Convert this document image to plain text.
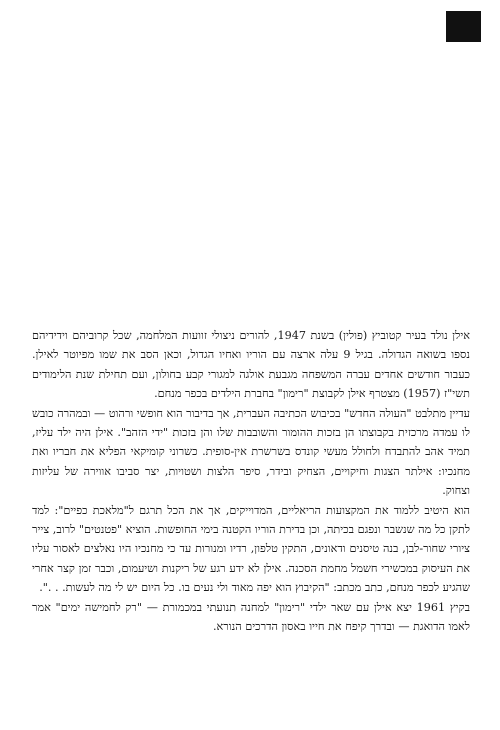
אילן נולד בעיר קטוביץ (פולין) בשנת 1947, להורים ניצולי זוועות המלחמה, שכל קרוביהם וידידיהם נספו בשואה הגדולה. בגיל 9 עלה ארצה עם הוריו ואחיו הגדול, וכאן הסב את שמו מפיוטר לאילן. כעבור חודשים אחדים עברה המשפחה מגבעת אולגה למגורי קבע בחולון, ועם תחילת שנת הלימודים תשי"ז (1957) מצטרף אילן לקבוצת "רימון" בחברת הילדים בכפר מנחם.

עדיין מתלבט "העולה החדש" בכיבוש הכתיבה העברית, אך בדיבור הוא חופשי ורהוט — ובמהרה כובש לו עמדה מרכזית בקבוצתו הן בזכות ההומור והשובבות שלו והן בזכות "ידי הזהב". אילן היה ילד עליז, תמיד אהב להתבדח ולחולל מעשי קונדס בשרשרת אין-סופית. כשרוני קומיקאי הפליא את חבריו ואת מחנכיו: אילתר הצגות וחיקויים, הצחיק ובידר, סיפר הלצות ושטויות, יצר סביבו אווירה של עליזות וצחוק.

הוא היטיב ללמוד את המקצועות הריאליים, המדוייקים, אך את הכל תרגם ל"מלאכת כפיים": למד לתקן כל מה שנשבר ונפגם בכיתה, וכן בדירת הוריו הקטנה בימי החופשות. הוציא "פטנטים" לרוב, צייר ציורי שחור-לבן, בנה טיסנים ודאונים, התקין טלפון, רדיו ומנורות עד כי מחנכיו היו נאלצים לאסור עליו את העיסוק במכשירי חשמל מחמת הסכנה. אילן לא ידע רגע של ריקנות ושיעמום, וכבר זמן קצר אחרי שהגיע לכפר מנחם, כתב מכתב: "הקיבוץ הוא יפה מאוד ולי נעים בו. כל היום יש לי מה לעשות. . .".

בקיץ 1961 יצא אילן עם שאר ילדי "רימון" למחנה תנועתי במכמורת — "רק לחמישה ימים" אמר לאמו הדואגת — ובדרך קיפח את חייו באסון הדרכים הנורא.
